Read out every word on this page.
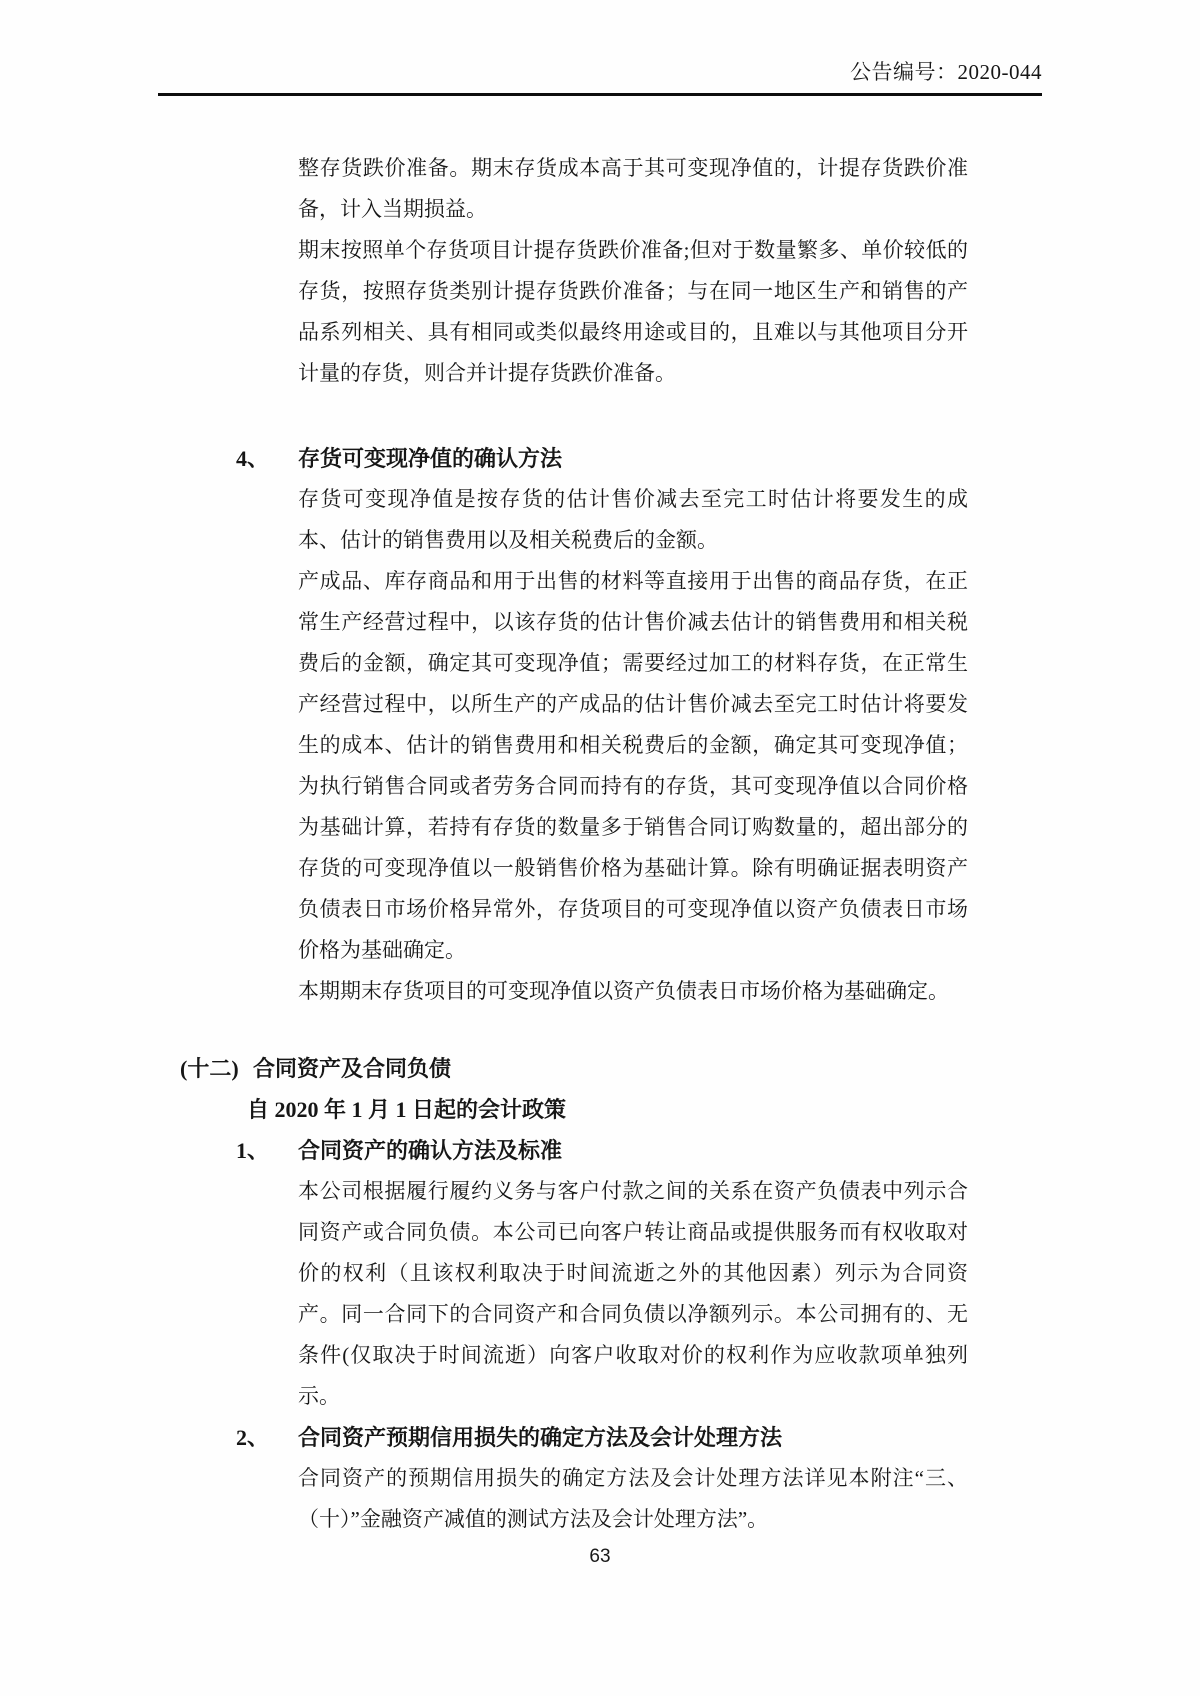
公告编号：2020-044

整存货跌价准备。期末存货成本高于其可变现净值的，计提存货跌价准备，计入当期损益。

期末按照单个存货项目计提存货跌价准备;但对于数量繁多、单价较低的存货，按照存货类别计提存货跌价准备；与在同一地区生产和销售的产品系列相关、具有相同或类似最终用途或目的，且难以与其他项目分开计量的存货，则合并计提存货跌价准备。

4、 存货可变现净值的确认方法

存货可变现净值是按存货的估计售价减去至完工时估计将要发生的成本、估计的销售费用以及相关税费后的金额。

产成品、库存商品和用于出售的材料等直接用于出售的商品存货，在正常生产经营过程中，以该存货的估计售价减去估计的销售费用和相关税费后的金额，确定其可变现净值；需要经过加工的材料存货，在正常生产经营过程中，以所生产的产成品的估计售价减去至完工时估计将要发生的成本、估计的销售费用和相关税费后的金额，确定其可变现净值；为执行销售合同或者劳务合同而持有的存货，其可变现净值以合同价格为基础计算，若持有存货的数量多于销售合同订购数量的，超出部分的存货的可变现净值以一般销售价格为基础计算。除有明确证据表明资产负债表日市场价格异常外，存货项目的可变现净值以资产负债表日市场价格为基础确定。

本期期末存货项目的可变现净值以资产负债表日市场价格为基础确定。

(十二) 合同资产及合同负债
自 2020 年 1 月 1 日起的会计政策
1、 合同资产的确认方法及标准

本公司根据履行履约义务与客户付款之间的关系在资产负债表中列示合同资产或合同负债。本公司已向客户转让商品或提供服务而有权收取对价的权利（且该权利取决于时间流逝之外的其他因素）列示为合同资产。同一合同下的合同资产和合同负债以净额列示。本公司拥有的、无条件(仅取决于时间流逝）向客户收取对价的权利作为应收款项单独列示。

2、 合同资产预期信用损失的确定方法及会计处理方法

合同资产的预期信用损失的确定方法及会计处理方法详见本附注“三、（十）”金融资产减值的测试方法及会计处理方法”。

63
